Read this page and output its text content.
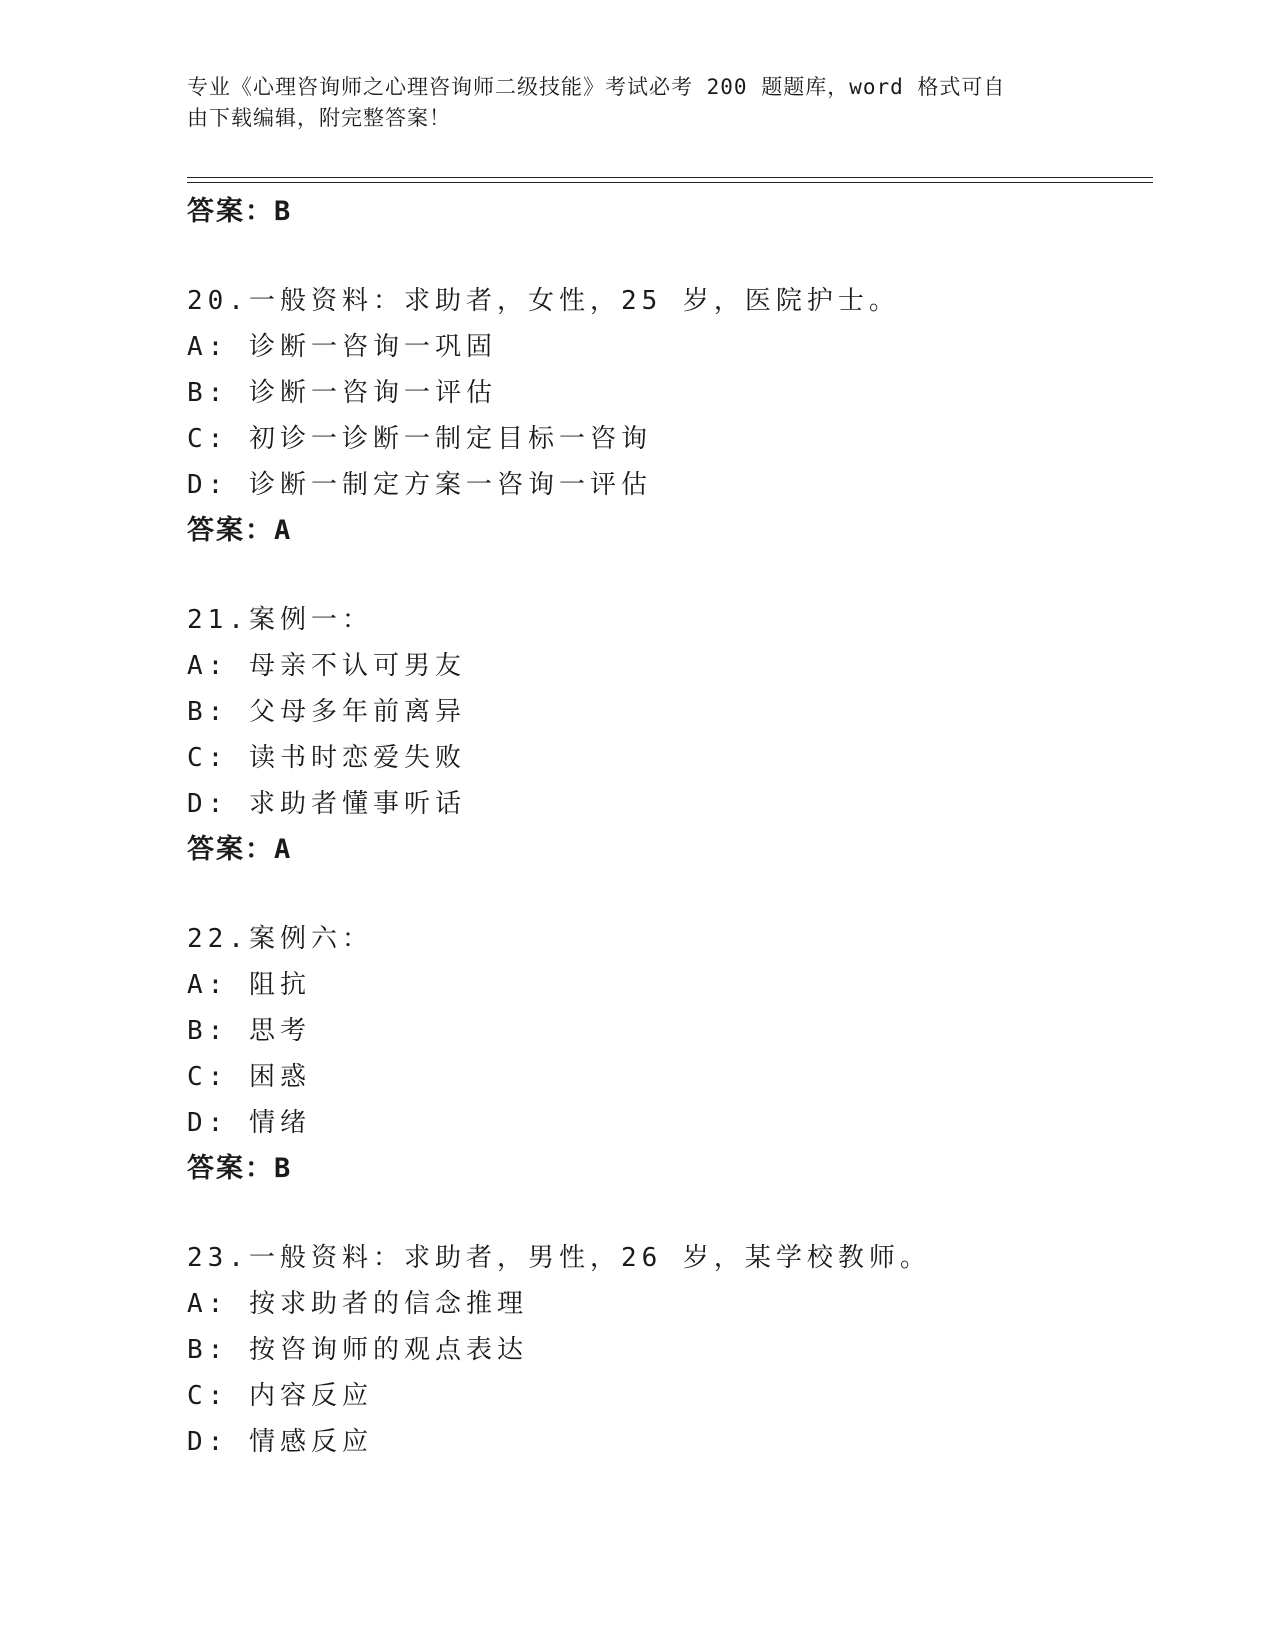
专业《心理咨询师之心理咨询师二级技能》考试必考 200 题题库，word 格式可自
由下载编辑，附完整答案！
答案：B
20.一般资料：求助者，女性，25 岁，医院护士。
A: 诊断一咨询一巩固
B: 诊断一咨询一评估
C: 初诊一诊断一制定目标一咨询
D: 诊断一制定方案一咨询一评估
答案：A
21.案例一：
A: 母亲不认可男友
B: 父母多年前离异
C: 读书时恋爱失败
D: 求助者懂事听话
答案：A
22.案例六：
A: 阻抗
B: 思考
C: 困惑
D: 情绪
答案：B
23.一般资料：求助者，男性，26 岁，某学校教师。
A: 按求助者的信念推理
B: 按咨询师的观点表达
C: 内容反应
D: 情感反应
